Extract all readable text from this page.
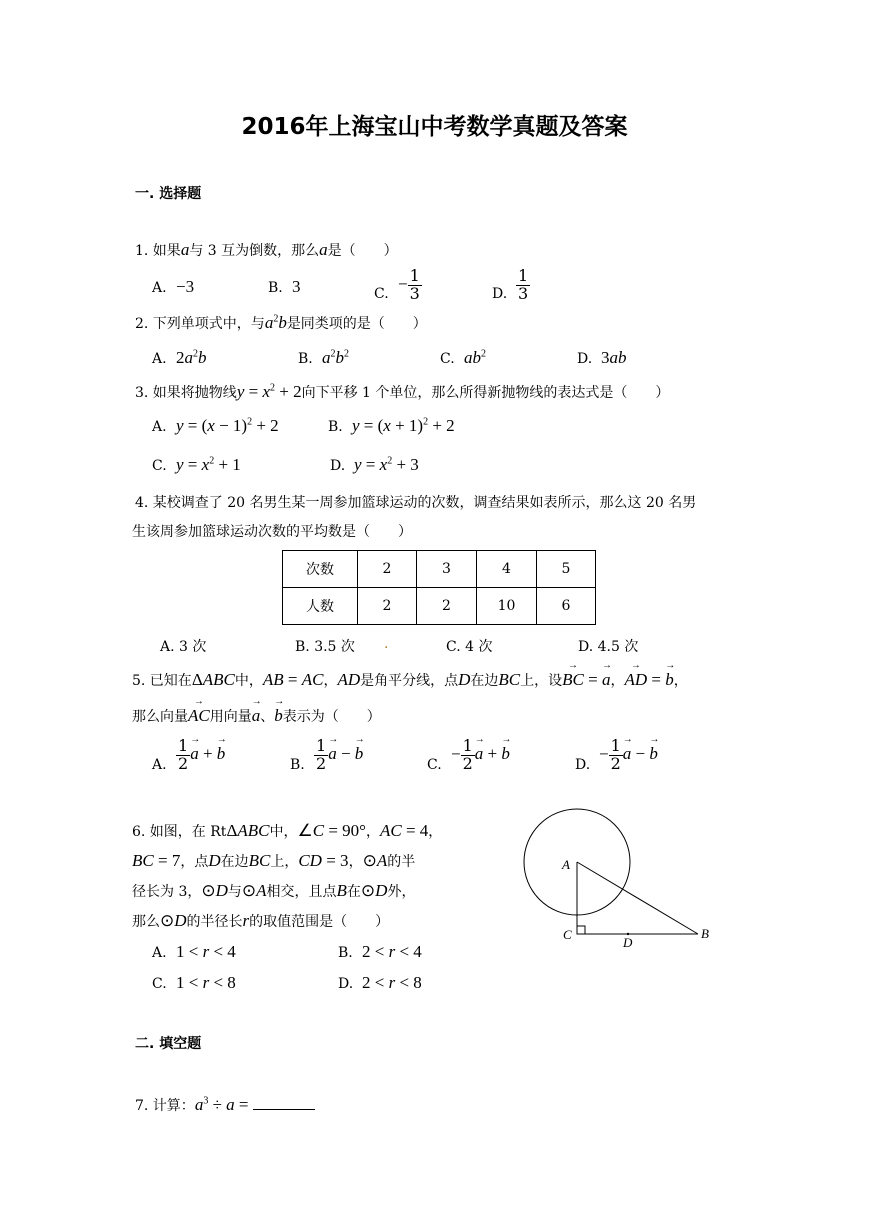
2016年上海宝山中考数学真题及答案
一. 选择题
1. 如果a与 3 互为倒数，那么a是（　　）
A. −3	B. 3	$C.- \frac{1}{3}$	D. $\frac{1}{3}$
2. 下列单项式中，与$a^2b$是同类项的是（　　）
A. $2a^2b$	B. $a^2b^2$	C. $ab^2$	D. 3ab
3. 如果将抛物线$y = x^2 + 2$向下平移 1 个单位，那么所得新抛物线的表达式是（　　）
A. $y = (x - 1)^2 + 2$	B. $y = (x + 1)^2 + 2$
C. $y = x^2 + 1$	D. $y = x^2 + 3$
4. 某校调查了 20 名男生某一周参加篮球运动的次数，调查结果如表所示，那么这 20 名男
生该周参加篮球运动次数的平均数是（　　）
次数	2	3	4	5
人数	2	2	10	6
A. 3 次	B. 3.5 次 .	C. 4 次	D. 4.5 次
5. 已知在ΔABC中，AB = AC，AD是角平分线，点D在边BC上，设→ BC = → a，→ AD = → b，
那么向量→ AC用向量→ a、→ b表示为（　　）
A. $\frac{1}{2} \to a$ + → b
B. $\frac{1}{2} \to a$ − → b
$C.- \frac{1}{2} \to a$ + → b
$D.- \frac{1}{2} \to a$ − → b
6. 如图，在 RtΔABC中，∠C = 90°，AC = 4，
BC = 7，点D在边BC上，CD = 3，⊙A的半
径长为 3，⊙D与⊙A相交，且点B在⊙D外，
那么⊙D的半径长r的取值范围是（　　）
A. 1 < r < 4	B. 2 < r < 4
C. 1 < r < 8	D. 2 < r < 8
A
C
D
B
二. 填空题
7. 计算：$a^3 \div a$ =
